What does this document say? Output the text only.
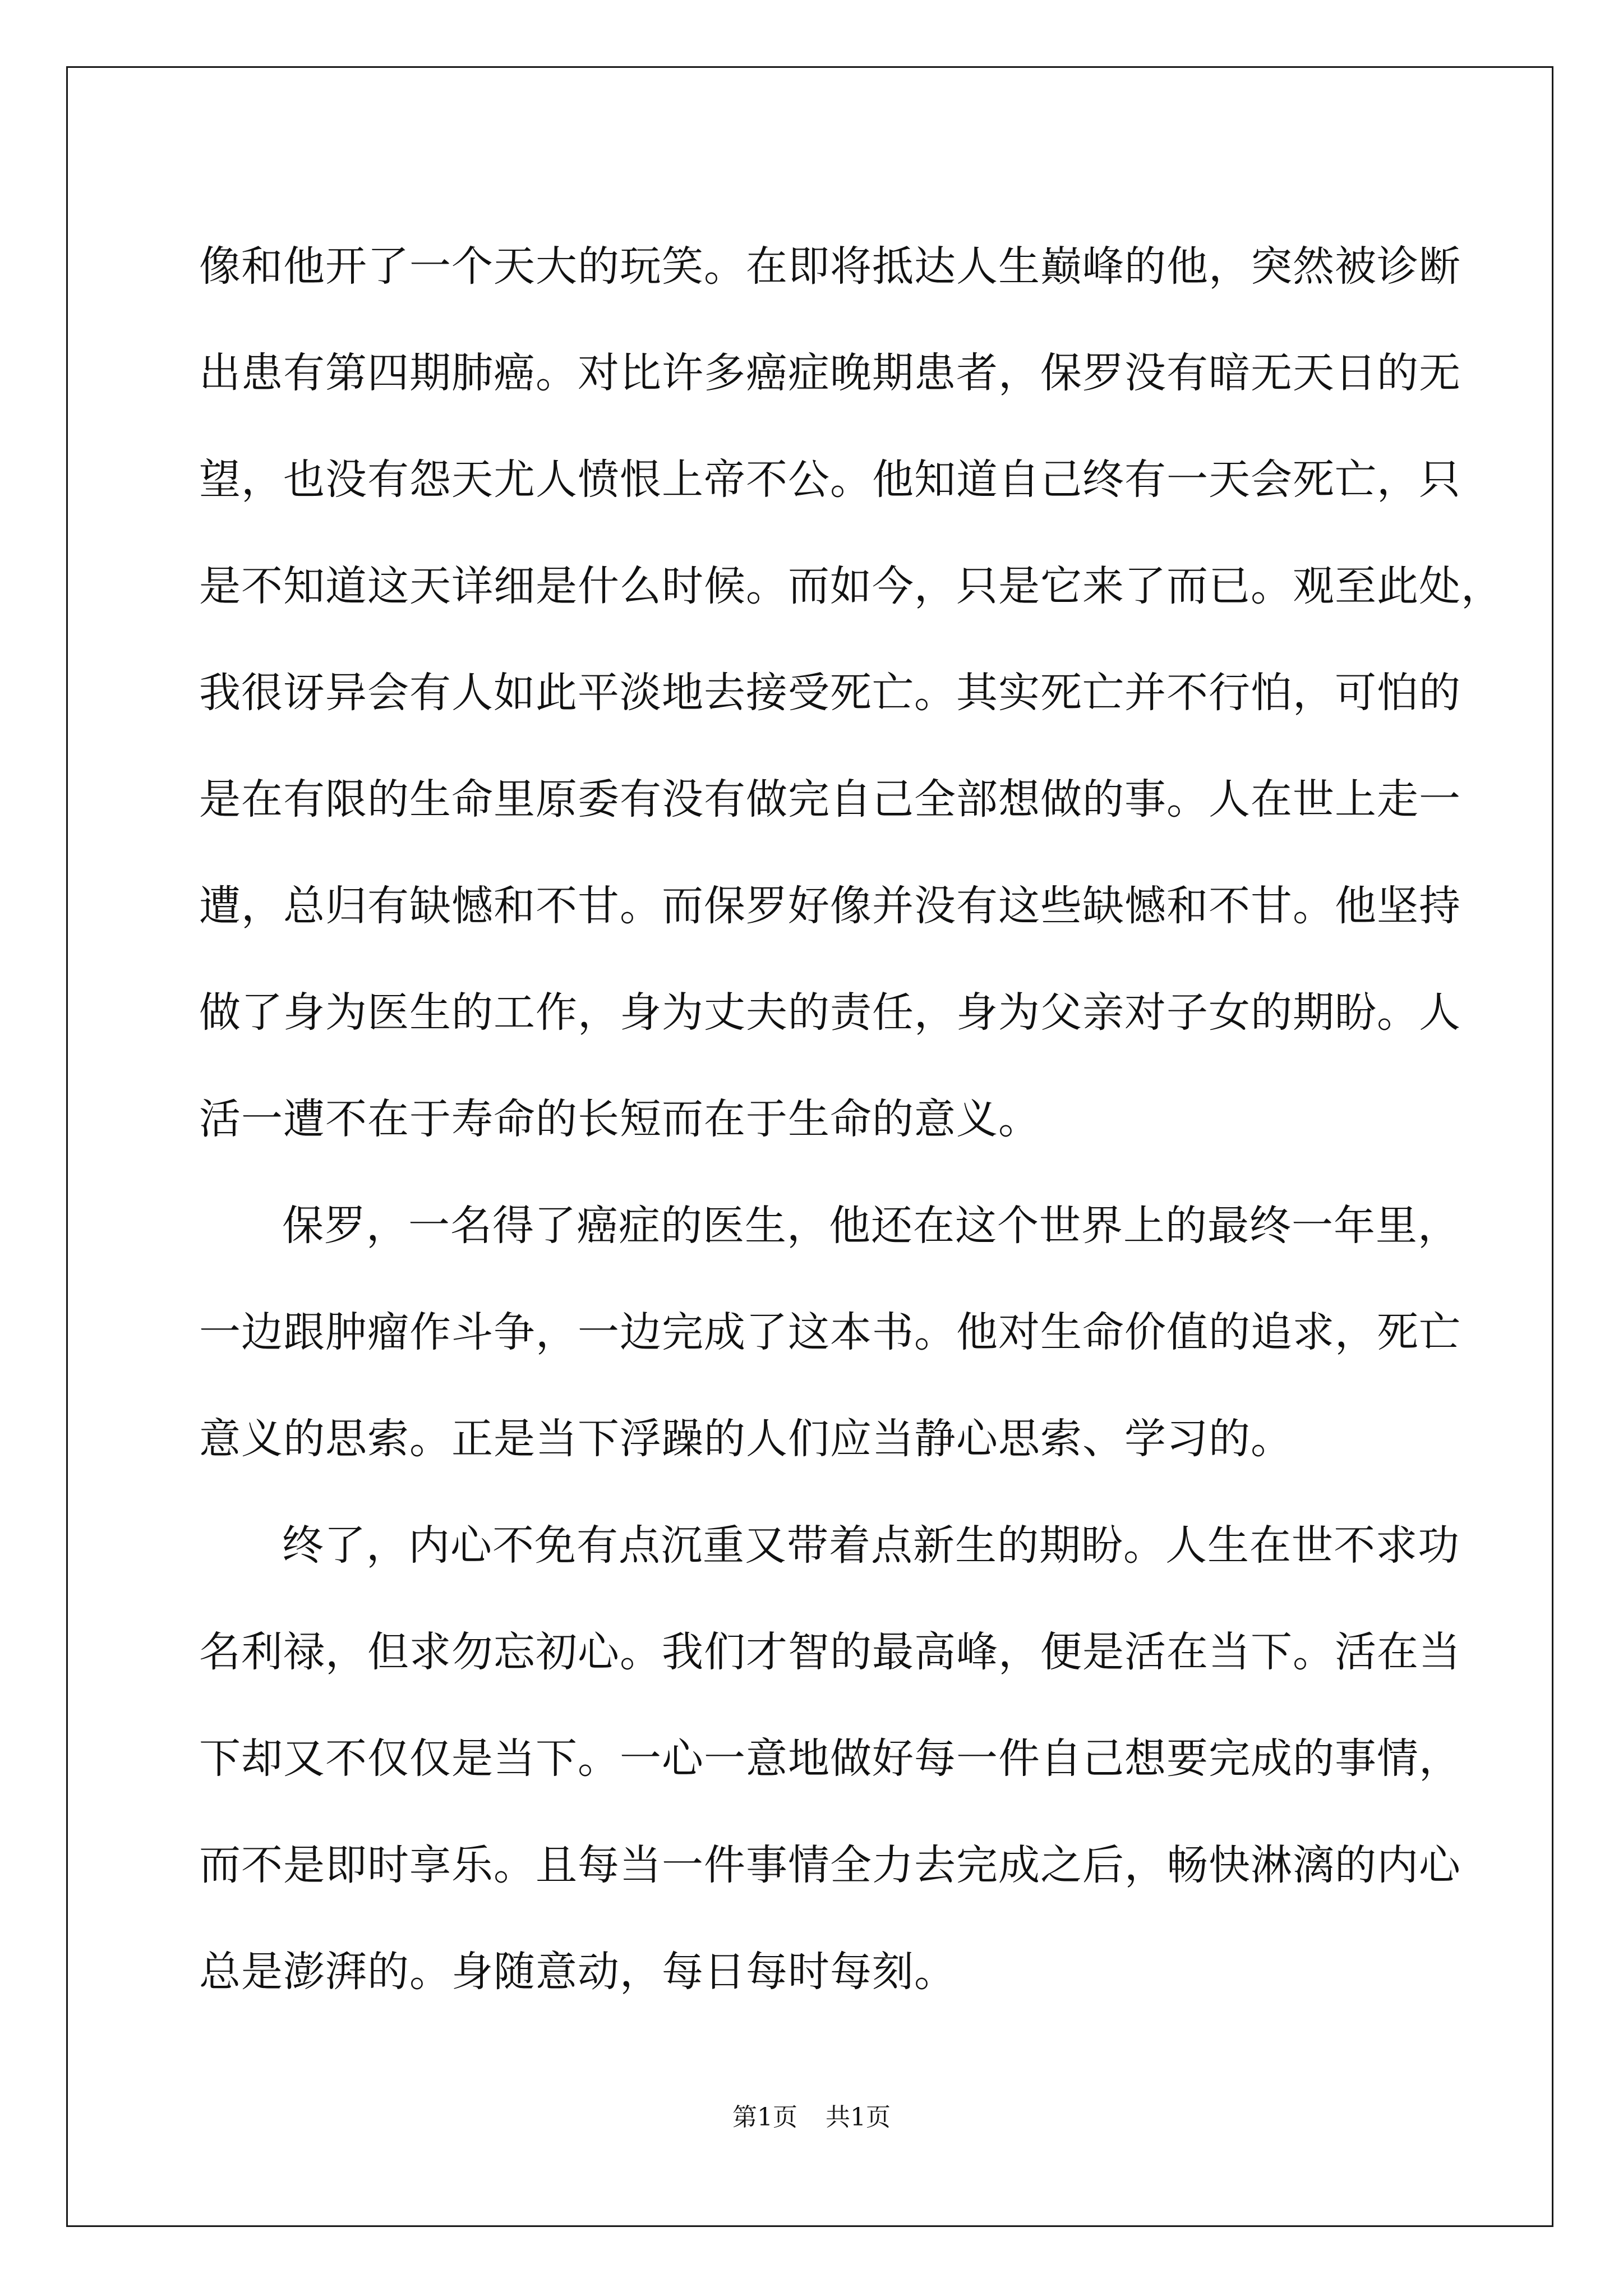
像和他开了一个天大的玩笑。在即将抵达人生巅峰的他，突然被诊断
出患有第四期肺癌。对比许多癌症晚期患者，保罗没有暗无天日的无
望，也没有怨天尤人愤恨上帝不公。他知道自己终有一天会死亡，只
是不知道这天详细是什么时候。而如今，只是它来了而已。观至此处，
我很讶异会有人如此平淡地去接受死亡。其实死亡并不行怕，可怕的
是在有限的生命里原委有没有做完自己全部想做的事。人在世上走一
遭，总归有缺憾和不甘。而保罗好像并没有这些缺憾和不甘。他坚持
做了身为医生的工作，身为丈夫的责任，身为父亲对子女的期盼。人
活一遭不在于寿命的长短而在于生命的意义。
保罗，一名得了癌症的医生，他还在这个世界上的最终一年里，
一边跟肿瘤作斗争，一边完成了这本书。他对生命价值的追求，死亡
意义的思索。正是当下浮躁的人们应当静心思索、学习的。
终了，内心不免有点沉重又带着点新生的期盼。人生在世不求功
名利禄，但求勿忘初心。我们才智的最高峰，便是活在当下。活在当
下却又不仅仅是当下。一心一意地做好每一件自己想要完成的事情，
而不是即时享乐。且每当一件事情全力去完成之后，畅快淋漓的内心
总是澎湃的。身随意动，每日每时每刻。
第1页 共1页
